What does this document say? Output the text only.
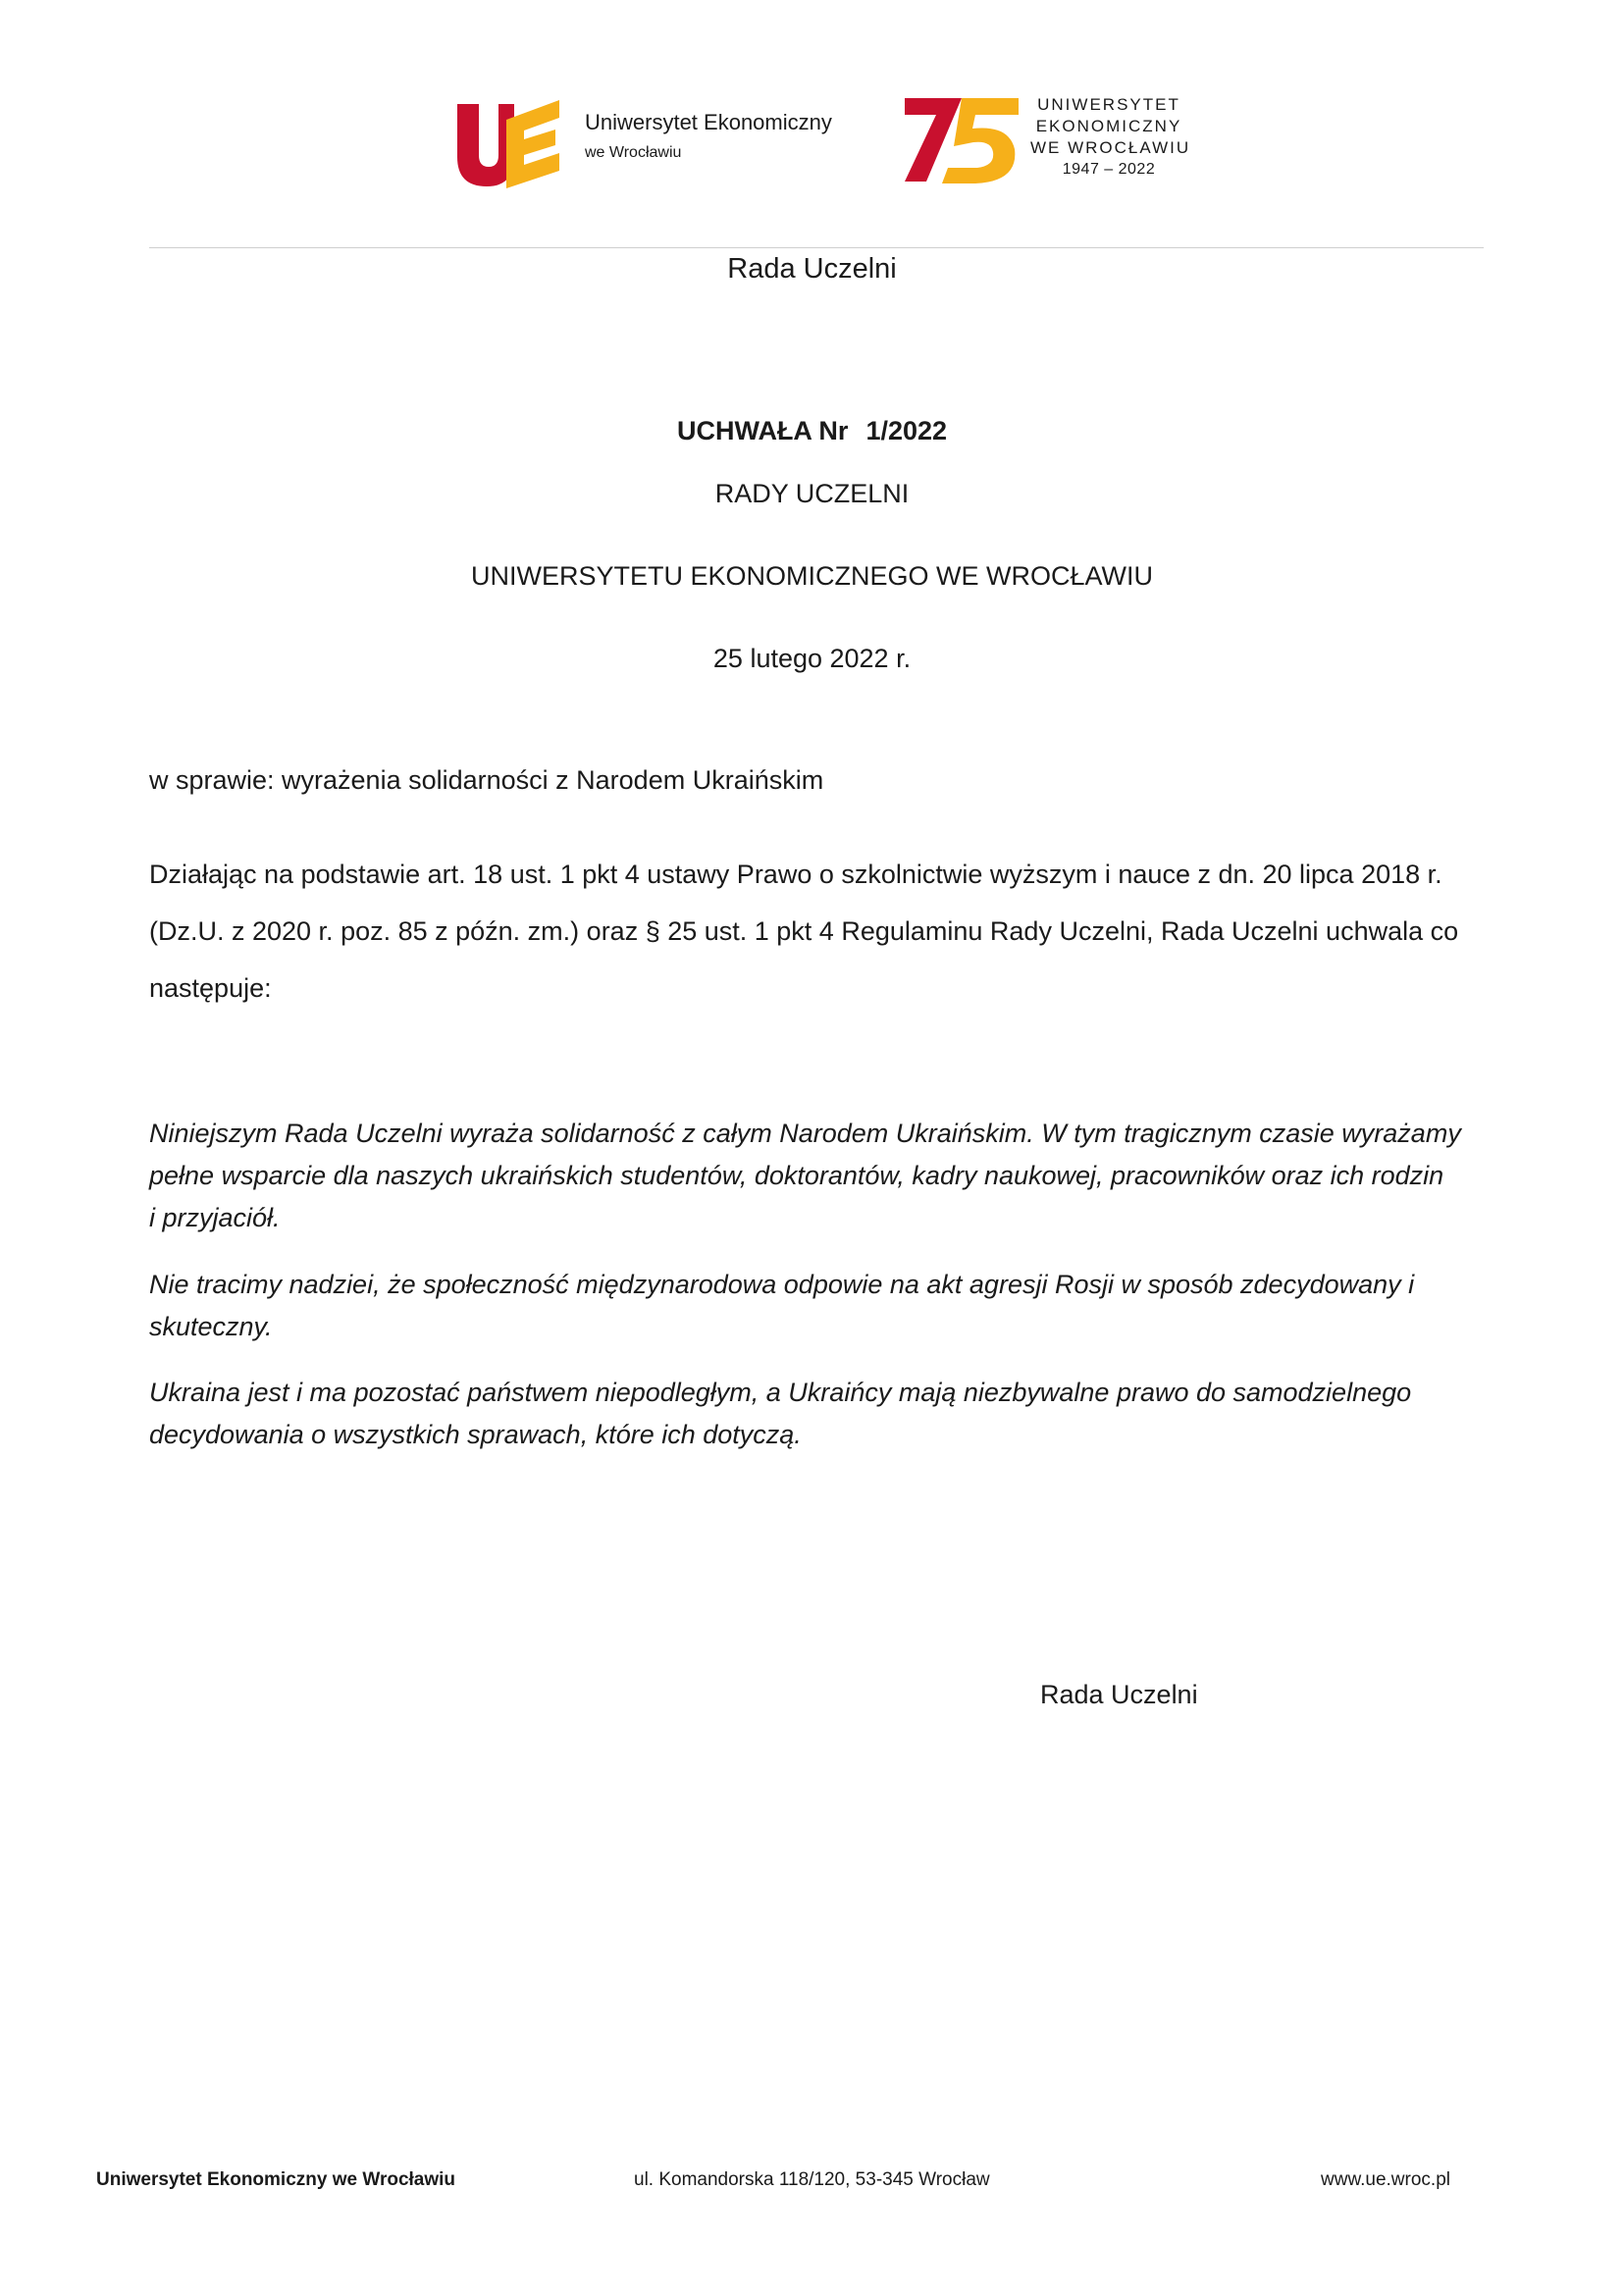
Uniwersytet Ekonomiczny
we Wrocławiu
UNIWERSYTET
EKONOMICZNY
WE WROCŁAWIU
1947 – 2022
Rada Uczelni
UCHWAŁA Nr 1/2022
RADY UCZELNI
UNIWERSYTETU EKONOMICZNEGO WE WROCŁAWIU
25 lutego 2022 r.
w sprawie: wyrażenia solidarności z Narodem Ukraińskim
Działając na podstawie art. 18 ust. 1 pkt 4 ustawy Prawo o szkolnictwie wyższym i nauce z dn. 20 lipca 2018 r.
(Dz.U. z 2020 r. poz. 85 z późn. zm.) oraz § 25 ust. 1 pkt 4 Regulaminu Rady Uczelni, Rada Uczelni uchwala co
następuje:
Niniejszym Rada Uczelni wyraża solidarność z całym Narodem Ukraińskim. W tym tragicznym czasie wyrażamy
pełne wsparcie dla naszych ukraińskich studentów, doktorantów, kadry naukowej, pracowników oraz ich rodzin
i przyjaciół.
Nie tracimy nadziei, że społeczność międzynarodowa odpowie na akt agresji Rosji w sposób zdecydowany i
skuteczny.
Ukraina jest i ma pozostać państwem niepodległym, a Ukraińcy mają niezbywalne prawo do samodzielnego
decydowania o wszystkich sprawach, które ich dotyczą.
Rada Uczelni
Uniwersytet Ekonomiczny we Wrocławiu	ul. Komandorska 118/120, 53-345 Wrocław	www.ue.wroc.pl
